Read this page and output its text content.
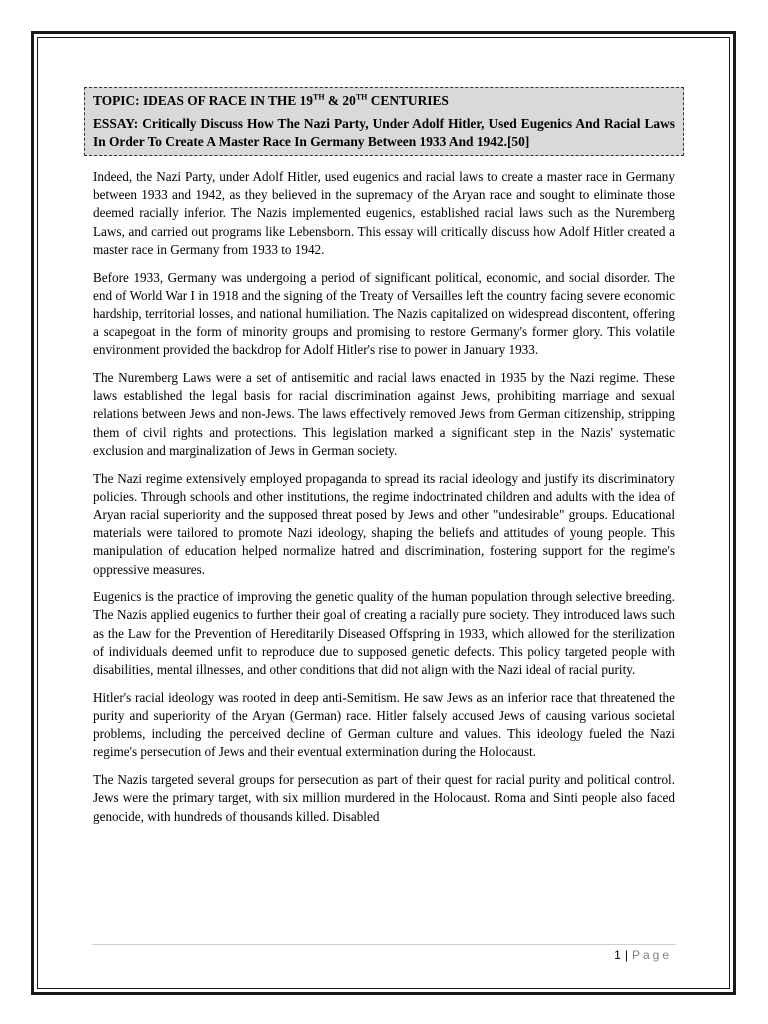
TOPIC: IDEAS OF RACE IN THE 19TH & 20TH CENTURIES

ESSAY: Critically Discuss How The Nazi Party, Under Adolf Hitler, Used Eugenics And Racial Laws In Order To Create A Master Race In Germany Between 1933 And 1942.[50]

Indeed, the Nazi Party, under Adolf Hitler, used eugenics and racial laws to create a master race in Germany between 1933 and 1942, as they believed in the supremacy of the Aryan race and sought to eliminate those deemed racially inferior. The Nazis implemented eugenics, established racial laws such as the Nuremberg Laws, and carried out programs like Lebensborn. This essay will critically discuss how Adolf Hitler created a master race in Germany from 1933 to 1942.

Before 1933, Germany was undergoing a period of significant political, economic, and social disorder. The end of World War I in 1918 and the signing of the Treaty of Versailles left the country facing severe economic hardship, territorial losses, and national humiliation. The Nazis capitalized on widespread discontent, offering a scapegoat in the form of minority groups and promising to restore Germany's former glory. This volatile environment provided the backdrop for Adolf Hitler's rise to power in January 1933.

The Nuremberg Laws were a set of antisemitic and racial laws enacted in 1935 by the Nazi regime. These laws established the legal basis for racial discrimination against Jews, prohibiting marriage and sexual relations between Jews and non-Jews. The laws effectively removed Jews from German citizenship, stripping them of civil rights and protections. This legislation marked a significant step in the Nazis' systematic exclusion and marginalization of Jews in German society.

The Nazi regime extensively employed propaganda to spread its racial ideology and justify its discriminatory policies. Through schools and other institutions, the regime indoctrinated children and adults with the idea of Aryan racial superiority and the supposed threat posed by Jews and other "undesirable" groups. Educational materials were tailored to promote Nazi ideology, shaping the beliefs and attitudes of young people. This manipulation of education helped normalize hatred and discrimination, fostering support for the regime's oppressive measures.

Eugenics is the practice of improving the genetic quality of the human population through selective breeding. The Nazis applied eugenics to further their goal of creating a racially pure society. They introduced laws such as the Law for the Prevention of Hereditarily Diseased Offspring in 1933, which allowed for the sterilization of individuals deemed unfit to reproduce due to supposed genetic defects. This policy targeted people with disabilities, mental illnesses, and other conditions that did not align with the Nazi ideal of racial purity.

Hitler's racial ideology was rooted in deep anti-Semitism. He saw Jews as an inferior race that threatened the purity and superiority of the Aryan (German) race. Hitler falsely accused Jews of causing various societal problems, including the perceived decline of German culture and values. This ideology fueled the Nazi regime's persecution of Jews and their eventual extermination during the Holocaust.

The Nazis targeted several groups for persecution as part of their quest for racial purity and political control. Jews were the primary target, with six million murdered in the Holocaust. Roma and Sinti people also faced genocide, with hundreds of thousands killed. Disabled

1 | Page
